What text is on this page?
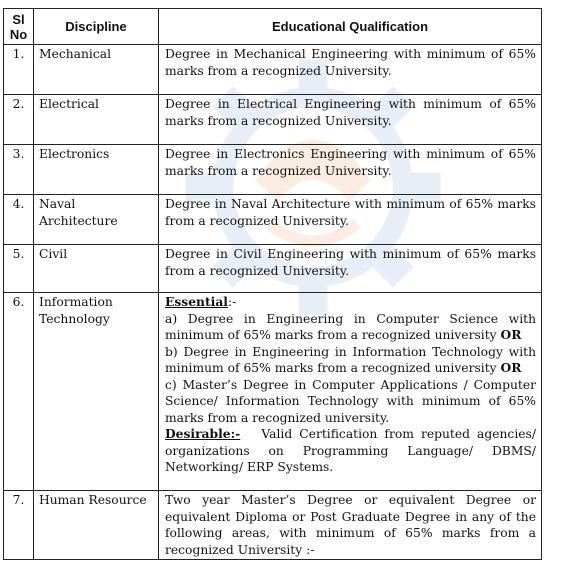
Sl No	Discipline	Educational Qualification
1.	Mechanical	Degree in Mechanical Engineering with minimum of 65% marks from a recognized University.
2.	Electrical	Degree in Electrical Engineering with minimum of 65% marks from a recognized University.
3.	Electronics	Degree in Electronics Engineering with minimum of 65% marks from a recognized University.
4.	Naval Architecture	Degree in Naval Architecture with minimum of 65% marks from a recognized University.
5.	Civil	Degree in Civil Engineering with minimum of 65% marks from a recognized University.
6.	Information Technology	Essential:-

a) Degree in Engineering in Computer Science with minimum of 65% marks from a recognized university OR

b) Degree in Engineering in Information Technology with minimum of 65% marks from a recognized university OR

c) Master’s Degree in Computer Applications / Computer Science/ Information Technology with minimum of 65% marks from a recognized university.

Desirable:- Valid Certification from reputed agencies/ organizations on Programming Language/ DBMS/ Networking/ ERP Systems.

7.	Human Resource	Two year Master’s Degree or equivalent Degree or equivalent Diploma or Post Graduate Degree in any of the following areas, with minimum of 65% marks from a recognized University :-
